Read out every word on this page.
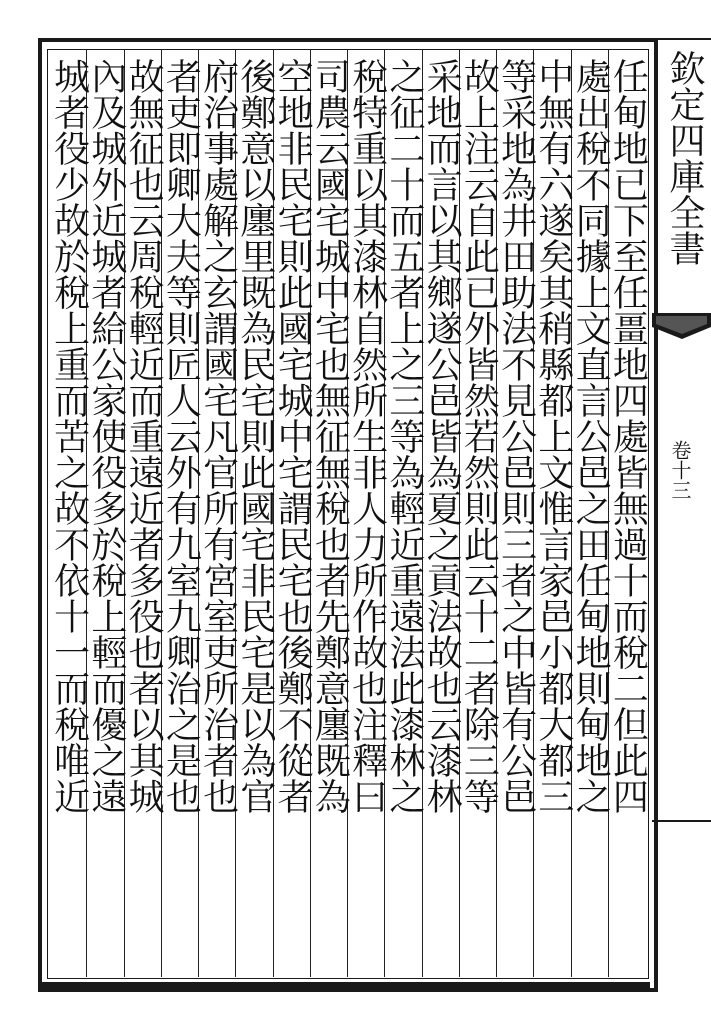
任甸地已下至任畺地四處皆無過十而稅二但此四
處出稅不同據上文直言公邑之田任甸地則甸地之
中無有六遂矣其稍縣都上文惟言家邑小都大都三
等采地為井田助法不見公邑則三者之中皆有公邑
故上注云自此已外皆然若然則此云十二者除三等
采地而言以其鄉遂公邑皆為夏之貢法故也云漆林
之征二十而五者上之三等為輕近重遠法此漆林之
稅特重以其漆林自然所生非人力所作故也注釋曰
司農云國宅城中宅也無征無稅也者先鄭意廛既為
空地非民宅則此國宅城中宅謂民宅也後鄭不從者
後鄭意以廛里既為民宅則此國宅非民宅是以為官
府治事處解之玄謂國宅凡官所有宮室吏所治者也
者吏即卿大夫等則匠人云外有九室九卿治之是也
故無征也云周稅輕近而重遠近者多役也者以其城
內及城外近城者給公家使役多於稅上輕而優之遠
城者役少故於稅上重而苦之故不依十一而稅唯近	欽定四庫全書
卷十三
